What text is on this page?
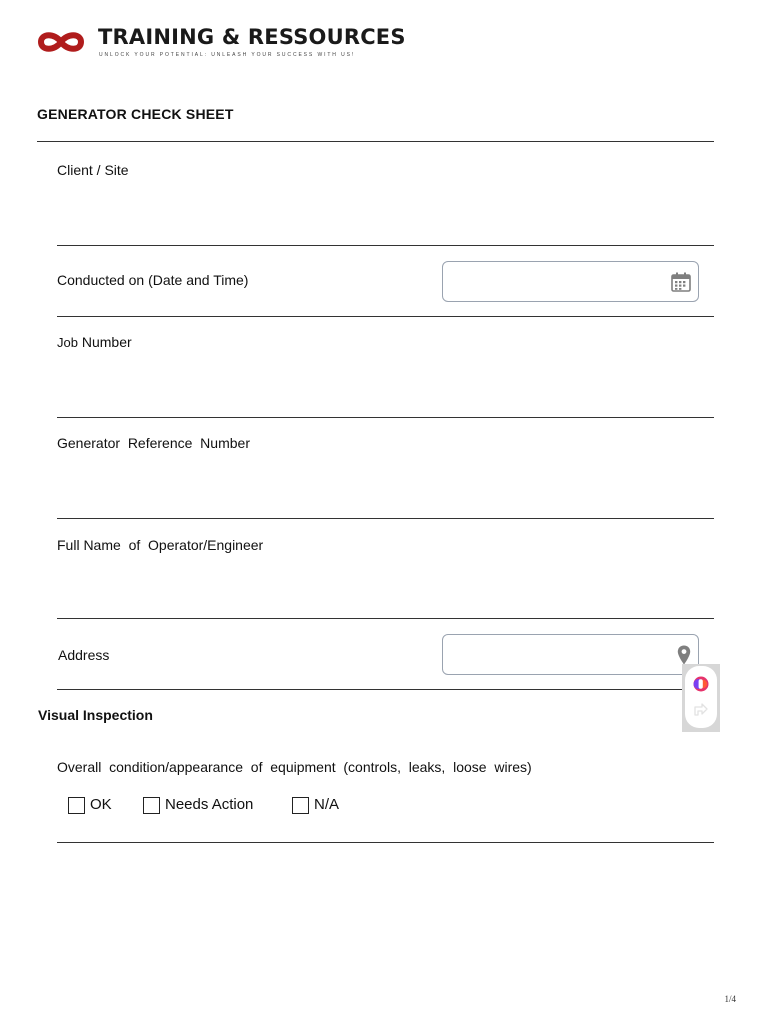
TRAINING & RESSOURCES
UNLOCK YOUR POTENTIAL: UNLEASH YOUR SUCCESS WITH US!
GENERATOR CHECK SHEET
Client / Site
Conducted on (Date and Time)
Job Number
Generator  Reference  Number
Full Name  of  Operator/Engineer
Address
Visual Inspection
Overall  condition/appearance  of  equipment  (controls,  leaks,  loose  wires)
OK	Needs Action	N/A
1/4
